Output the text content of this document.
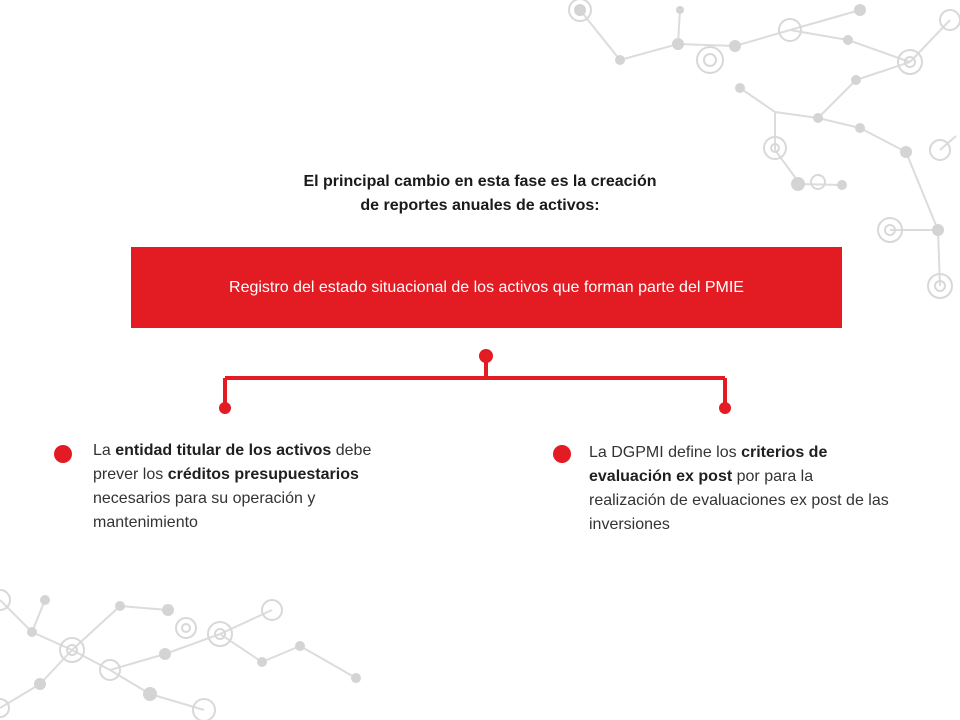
El principal cambio en esta fase es la creación
de reportes anuales de activos:
Registro del estado situacional de los activos que forman parte del PMIE
La entidad titular de los activos debe prever los créditos presupuestarios necesarios para su operación y mantenimiento
La DGPMI define los criterios de evaluación ex post por para la realización de evaluaciones ex post de las inversiones
